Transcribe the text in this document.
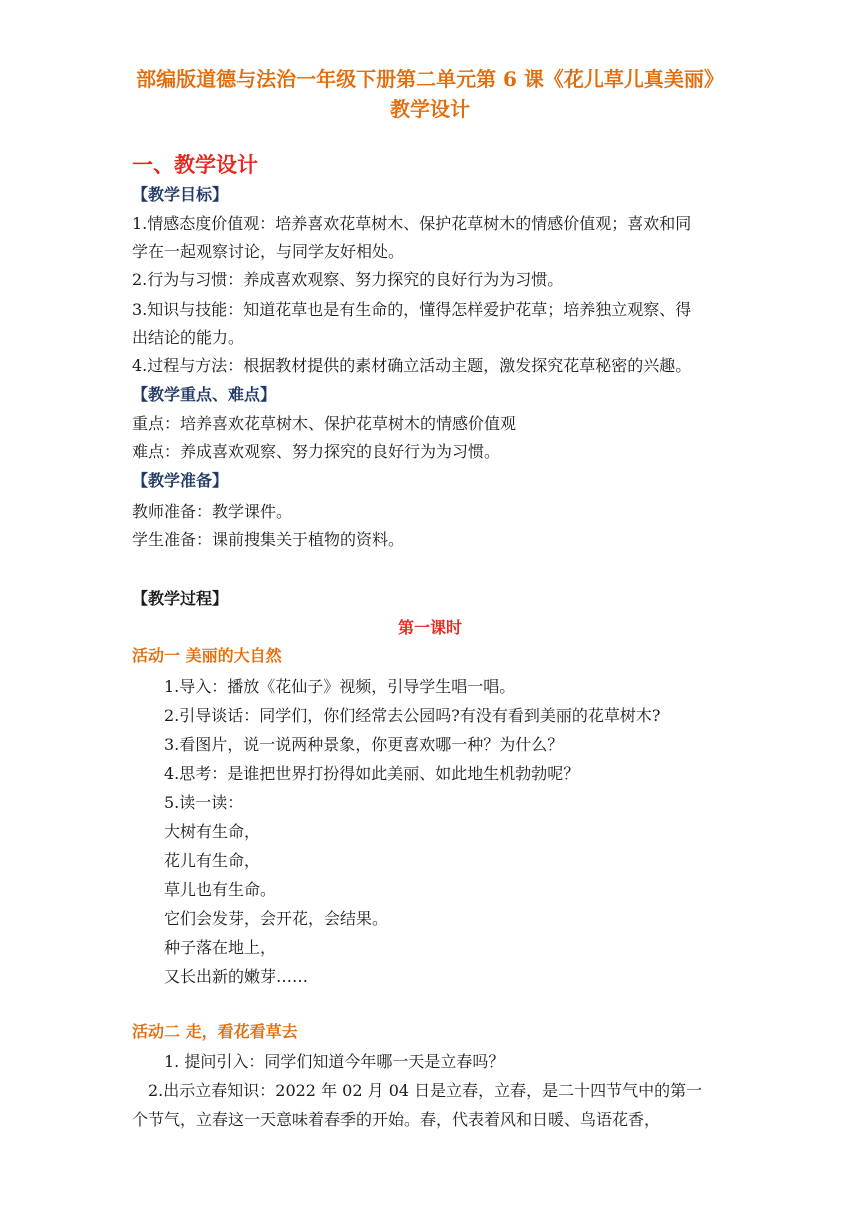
部编版道德与法治一年级下册第二单元第 6 课《花儿草儿真美丽》
教学设计
一、教学设计
【教学目标】
1.情感态度价值观：培养喜欢花草树木、保护花草树木的情感价值观；喜欢和同
学在一起观察讨论，与同学友好相处。
2.行为与习惯：养成喜欢观察、努力探究的良好行为为习惯。
3.知识与技能：知道花草也是有生命的，懂得怎样爱护花草；培养独立观察、得
出结论的能力。
4.过程与方法：根据教材提供的素材确立活动主题，激发探究花草秘密的兴趣。
【教学重点、难点】
重点：培养喜欢花草树木、保护花草树木的情感价值观
难点：养成喜欢观察、努力探究的良好行为为习惯。
【教学准备】
教师准备：教学课件。
学生准备：课前搜集关于植物的资料。
【教学过程】
第一课时
活动一 美丽的大自然
1.导入：播放《花仙子》视频，引导学生唱一唱。
2.引导谈话：同学们，你们经常去公园吗?有没有看到美丽的花草树木?
3.看图片，说一说两种景象，你更喜欢哪一种？为什么？
4.思考：是谁把世界打扮得如此美丽、如此地生机勃勃呢？
5.读一读：
大树有生命，
花儿有生命，
草儿也有生命。
它们会发芽，会开花，会结果。
种子落在地上，
又长出新的嫩芽……
活动二 走，看花看草去
1. 提问引入：同学们知道今年哪一天是立春吗？
2.出示立春知识：2022 年 02 月 04 日是立春，立春，是二十四节气中的第一
个节气，立春这一天意味着春季的开始。春，代表着风和日暖、鸟语花香，
